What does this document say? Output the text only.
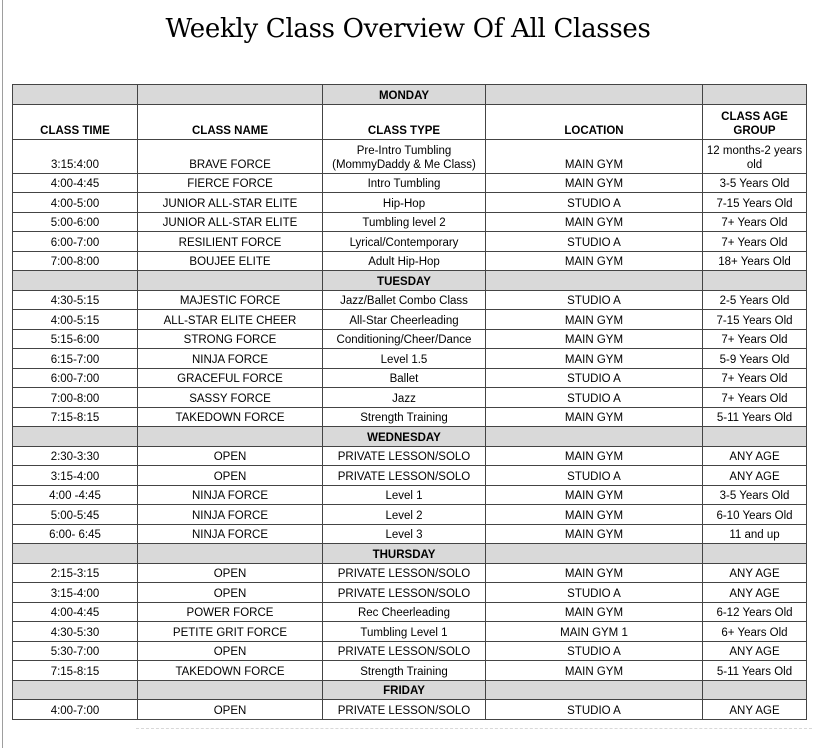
Weekly Class Overview Of All Classes
		MONDAY		
CLASS TIME	CLASS NAME	CLASS TYPE	LOCATION	CLASS AGE GROUP
3:15:4:00	BRAVE FORCE	Pre-Intro Tumbling (MommyDaddy & Me Class)	MAIN GYM	12 months-2 years old
4:00-4:45	FIERCE FORCE	Intro Tumbling	MAIN GYM	3-5 Years Old
4:00-5:00	JUNIOR ALL-STAR ELITE	Hip-Hop	STUDIO A	7-15 Years Old
5:00-6:00	JUNIOR ALL-STAR ELITE	Tumbling level 2	MAIN GYM	7+ Years Old
6:00-7:00	RESILIENT FORCE	Lyrical/Contemporary	STUDIO A	7+ Years Old
7:00-8:00	BOUJEE ELITE	Adult Hip-Hop	MAIN GYM	18+ Years Old
		TUESDAY		
4:30-5:15	MAJESTIC FORCE	Jazz/Ballet Combo Class	STUDIO A	2-5 Years Old
4:00-5:15	ALL-STAR ELITE CHEER	All-Star Cheerleading	MAIN GYM	7-15 Years Old
5:15-6:00	STRONG FORCE	Conditioning/Cheer/Dance	MAIN GYM	7+ Years Old
6:15-7:00	NINJA FORCE	Level 1.5	MAIN GYM	5-9 Years Old
6:00-7:00	GRACEFUL FORCE	Ballet	STUDIO A	7+ Years Old
7:00-8:00	SASSY FORCE	Jazz	STUDIO A	7+ Years Old
7:15-8:15	TAKEDOWN FORCE	Strength Training	MAIN GYM	5-11 Years Old
		WEDNESDAY		
2:30-3:30	OPEN	PRIVATE LESSON/SOLO	MAIN GYM	ANY AGE
3:15-4:00	OPEN	PRIVATE LESSON/SOLO	STUDIO A	ANY AGE
4:00 -4:45	NINJA FORCE	Level 1	MAIN GYM	3-5 Years Old
5:00-5:45	NINJA FORCE	Level 2	MAIN GYM	6-10 Years Old
6:00- 6:45	NINJA FORCE	Level 3	MAIN GYM	11 and up
		THURSDAY		
2:15-3:15	OPEN	PRIVATE LESSON/SOLO	MAIN GYM	ANY AGE
3:15-4:00	OPEN	PRIVATE LESSON/SOLO	STUDIO A	ANY AGE
4:00-4:45	POWER FORCE	Rec Cheerleading	MAIN GYM	6-12 Years Old
4:30-5:30	PETITE GRIT FORCE	Tumbling Level 1	MAIN GYM 1	6+ Years Old
5:30-7:00	OPEN	PRIVATE LESSON/SOLO	STUDIO A	ANY AGE
7:15-8:15	TAKEDOWN FORCE	Strength Training	MAIN GYM	5-11 Years Old
		FRIDAY		
4:00-7:00	OPEN	PRIVATE LESSON/SOLO	STUDIO A	ANY AGE
